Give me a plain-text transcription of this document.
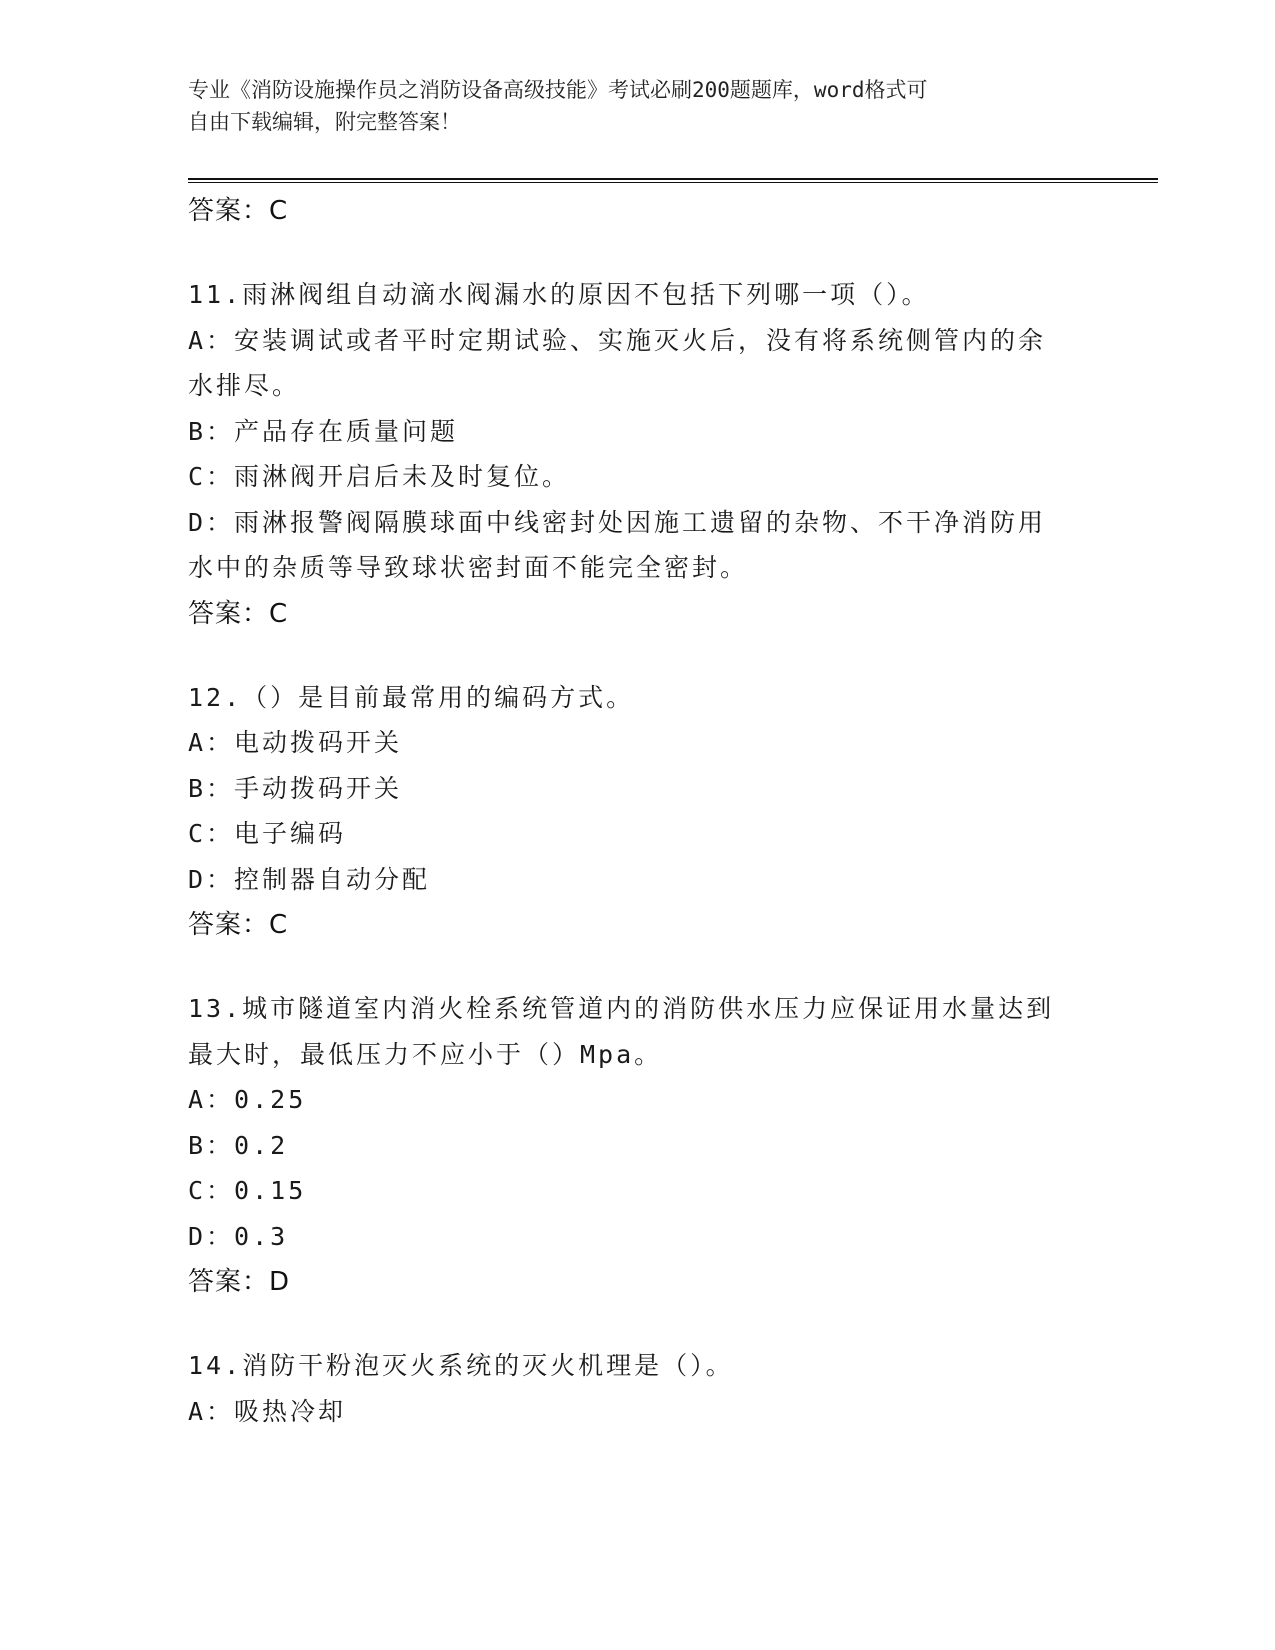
专业《消防设施操作员之消防设备高级技能》考试必刷200题题库，word格式可
自由下载编辑，附完整答案！
答案：C
11.雨淋阀组自动滴水阀漏水的原因不包括下列哪一项（）。
A：安装调试或者平时定期试验、实施灭火后，没有将系统侧管内的余
水排尽。
B：产品存在质量问题
C：雨淋阀开启后未及时复位。
D：雨淋报警阀隔膜球面中线密封处因施工遗留的杂物、不干净消防用
水中的杂质等导致球状密封面不能完全密封。
答案：C
12.（）是目前最常用的编码方式。
A：电动拨码开关
B：手动拨码开关
C：电子编码
D：控制器自动分配
答案：C
13.城市隧道室内消火栓系统管道内的消防供水压力应保证用水量达到
最大时，最低压力不应小于（）Mpa。
A：0.25
B：0.2
C：0.15
D：0.3
答案：D
14.消防干粉泡灭火系统的灭火机理是（）。
A：吸热冷却
